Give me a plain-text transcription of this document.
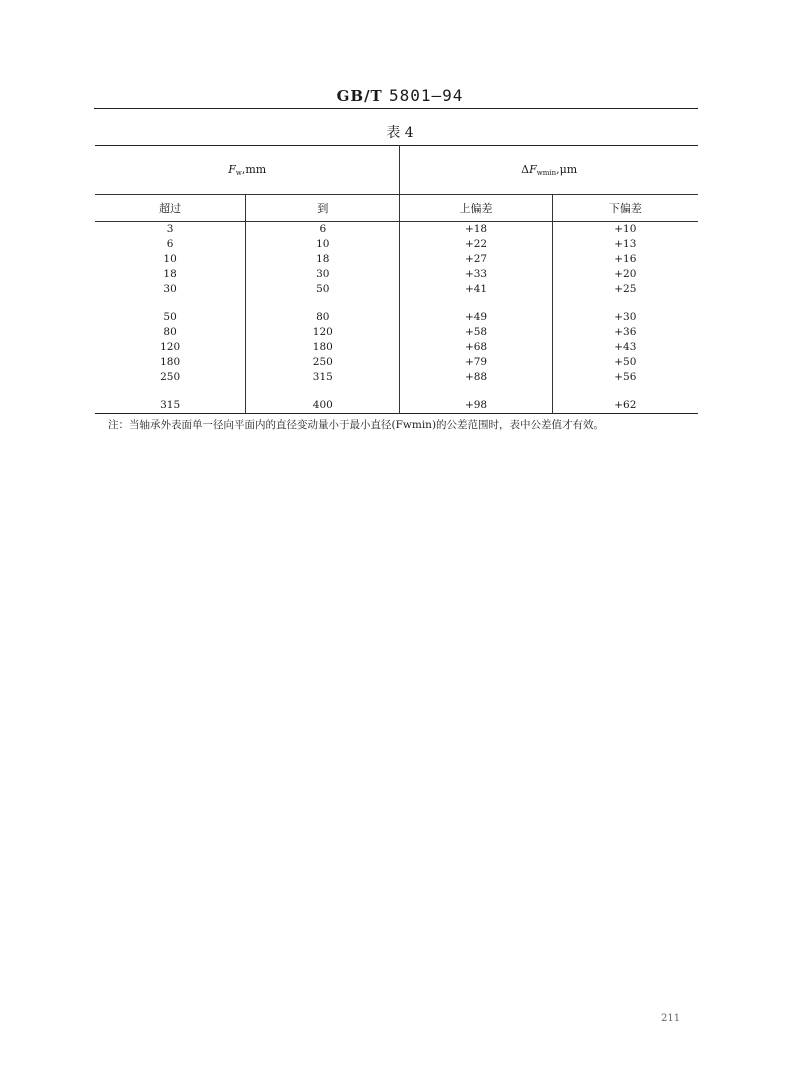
GB/T 5801—94
表 4
$F_w,mm$		$\Delta F_{wmin},\mu m$	
超过	到	上偏差	下偏差
3	6	+18	+10
6	10	+22	+13
10	18	+27	+16
18	30	+33	+20
30	50	+41	+25

50	80	+49	+30
80	120	+58	+36
120	180	+68	+43
180	250	+79	+50
250	315	+88	+56

315	400	+98	+62
注：当轴承外表面单一径向平面内的直径变动量小于最小直径(Fwmin)的公差范围时，表中公差值才有效。
211
